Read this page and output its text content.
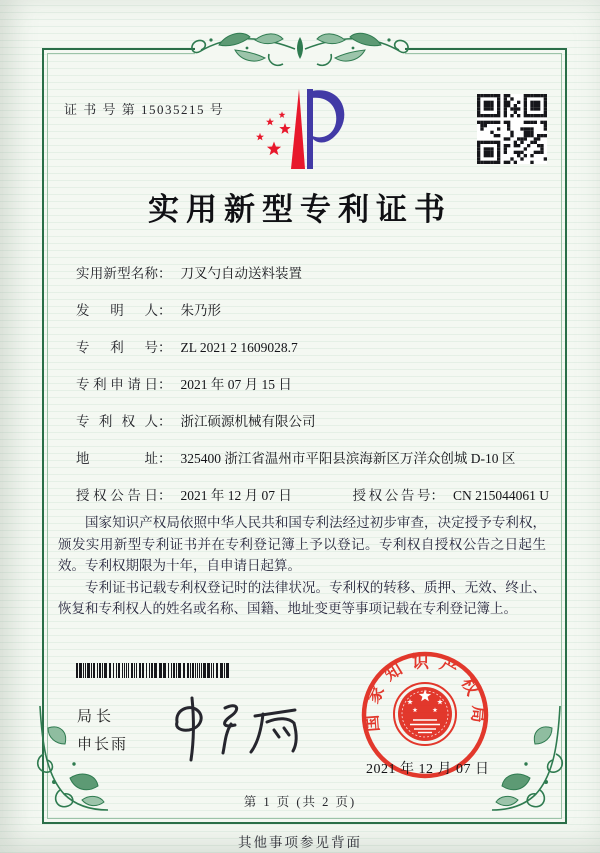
证 书 号 第 15035215 号
实用新型专利证书
实用新型名称： 刀叉勺自动送料装置
发明人： 朱乃形
专利号： ZL 2021 2 1609028.7
专利申请日： 2021 年 07 月 15 日
专利权人： 浙江硕源机械有限公司
地址： 325400 浙江省温州市平阳县滨海新区万洋众创城 D-10 区
授权公告日： 2021 年 12 月 07 日	授权公告号： CN 215044061 U

国家知识产权局依照中华人民共和国专利法经过初步审查，决定授予专利权，颁发实用新型专利证书并在专利登记簿上予以登记。专利权自授权公告之日起生效。专利权期限为十年，自申请日起算。

专利证书记载专利权登记时的法律状况。专利权的转移、质押、无效、终止、恢复和专利权人的姓名或名称、国籍、地址变更等事项记载在专利登记簿上。

局长
申长雨
国家知识产权局
2021 年 12 月 07 日
第 1 页 (共 2 页)
其他事项参见背面
